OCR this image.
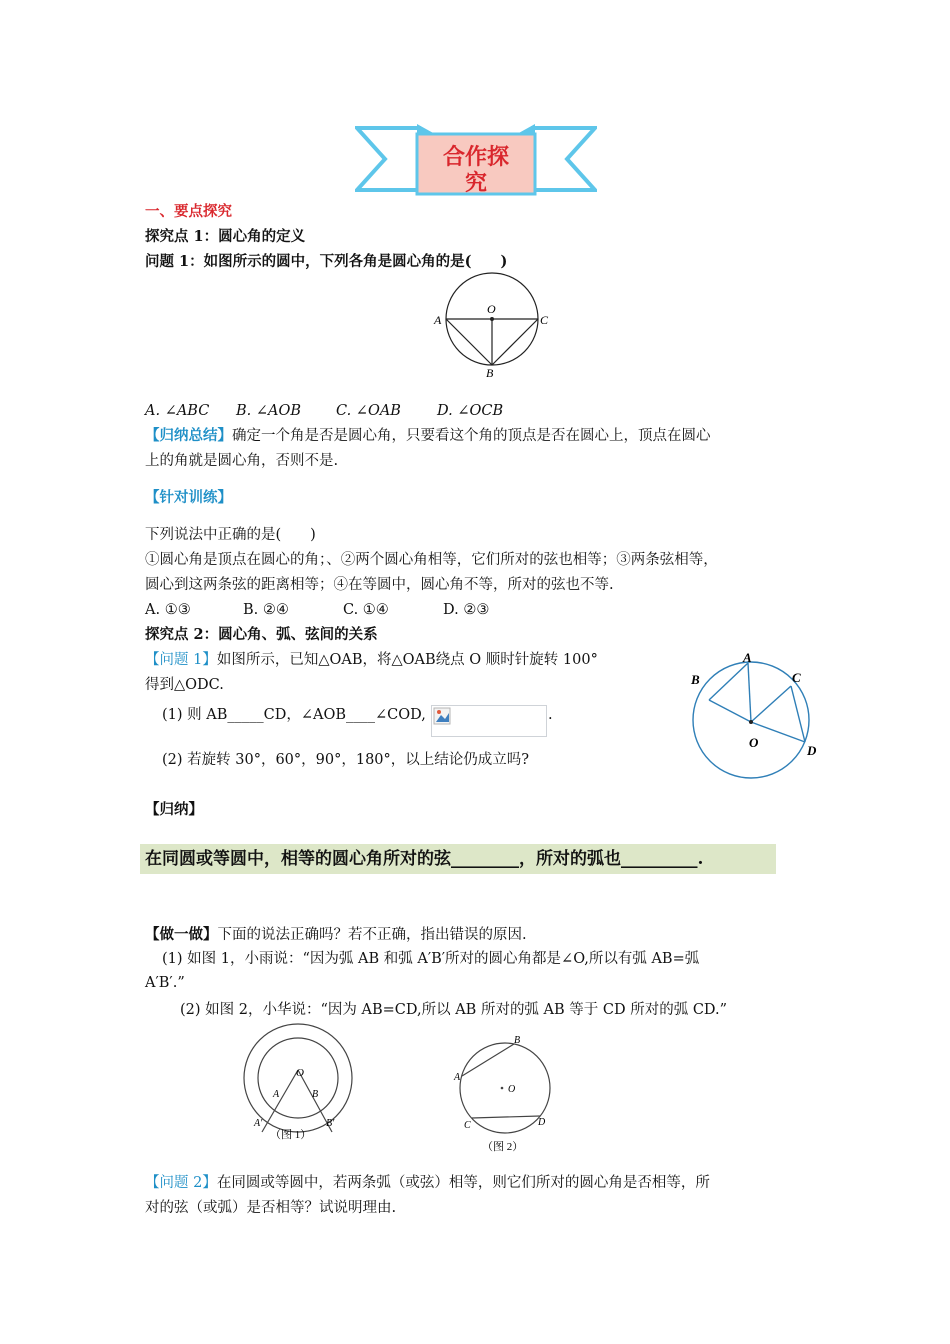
合作探
究
一、要点探究
探究点 1：圆心角的定义
问题 1：如图所示的圆中，下列各角是圆心角的是(　　)
O
A	C
B
A. ∠ABC B. ∠AOB C. ∠OAB D. ∠OCB
【归纳总结】确定一个角是否是圆心角，只要看这个角的顶点是否在圆心上，顶点在圆心
上的角就是圆心角，否则不是.
【针对训练】
下列说法中正确的是(　　)
①圆心角是顶点在圆心的角；、②两个圆心角相等，它们所对的弦也相等；③两条弦相等，
圆心到这两条弦的距离相等；④在等圆中，圆心角不等，所对的弦也不等.
A. ①③	B. ②④	C. ①④	D. ②③
探究点 2：圆心角、弧、弦间的关系
【问题 1】如图所示，已知△OAB，将△OAB绕点 O 顺时针旋转 100°
得到△ODC.
(1) 则 AB_____CD，∠AOB____∠COD,	.
(2) 若旋转 30°，60°，90°，180°，以上结论仍成立吗?
A
B	C
D
O
【归纳】
在同圆或等圆中，相等的圆心角所对的弦________，所对的弧也_________.
【做一做】下面的说法正确吗？若不正确，指出错误的原因.
(1) 如图 1，小雨说：“因为弧 AB 和弧 A′B′所对的圆心角都是∠O,所以有弧 AB=弧
A′B′.”
(2) 如图 2，小华说：“因为 AB=CD,所以 AB 所对的弧 AB 等于 CD 所对的弧 CD.”
O
A	B
A′	B′
（图 1）
O
A
B
C	D
（图 2）
【问题 2】在同圆或等圆中，若两条弧（或弦）相等，则它们所对的圆心角是否相等，所
对的弦（或弧）是否相等？试说明理由.
